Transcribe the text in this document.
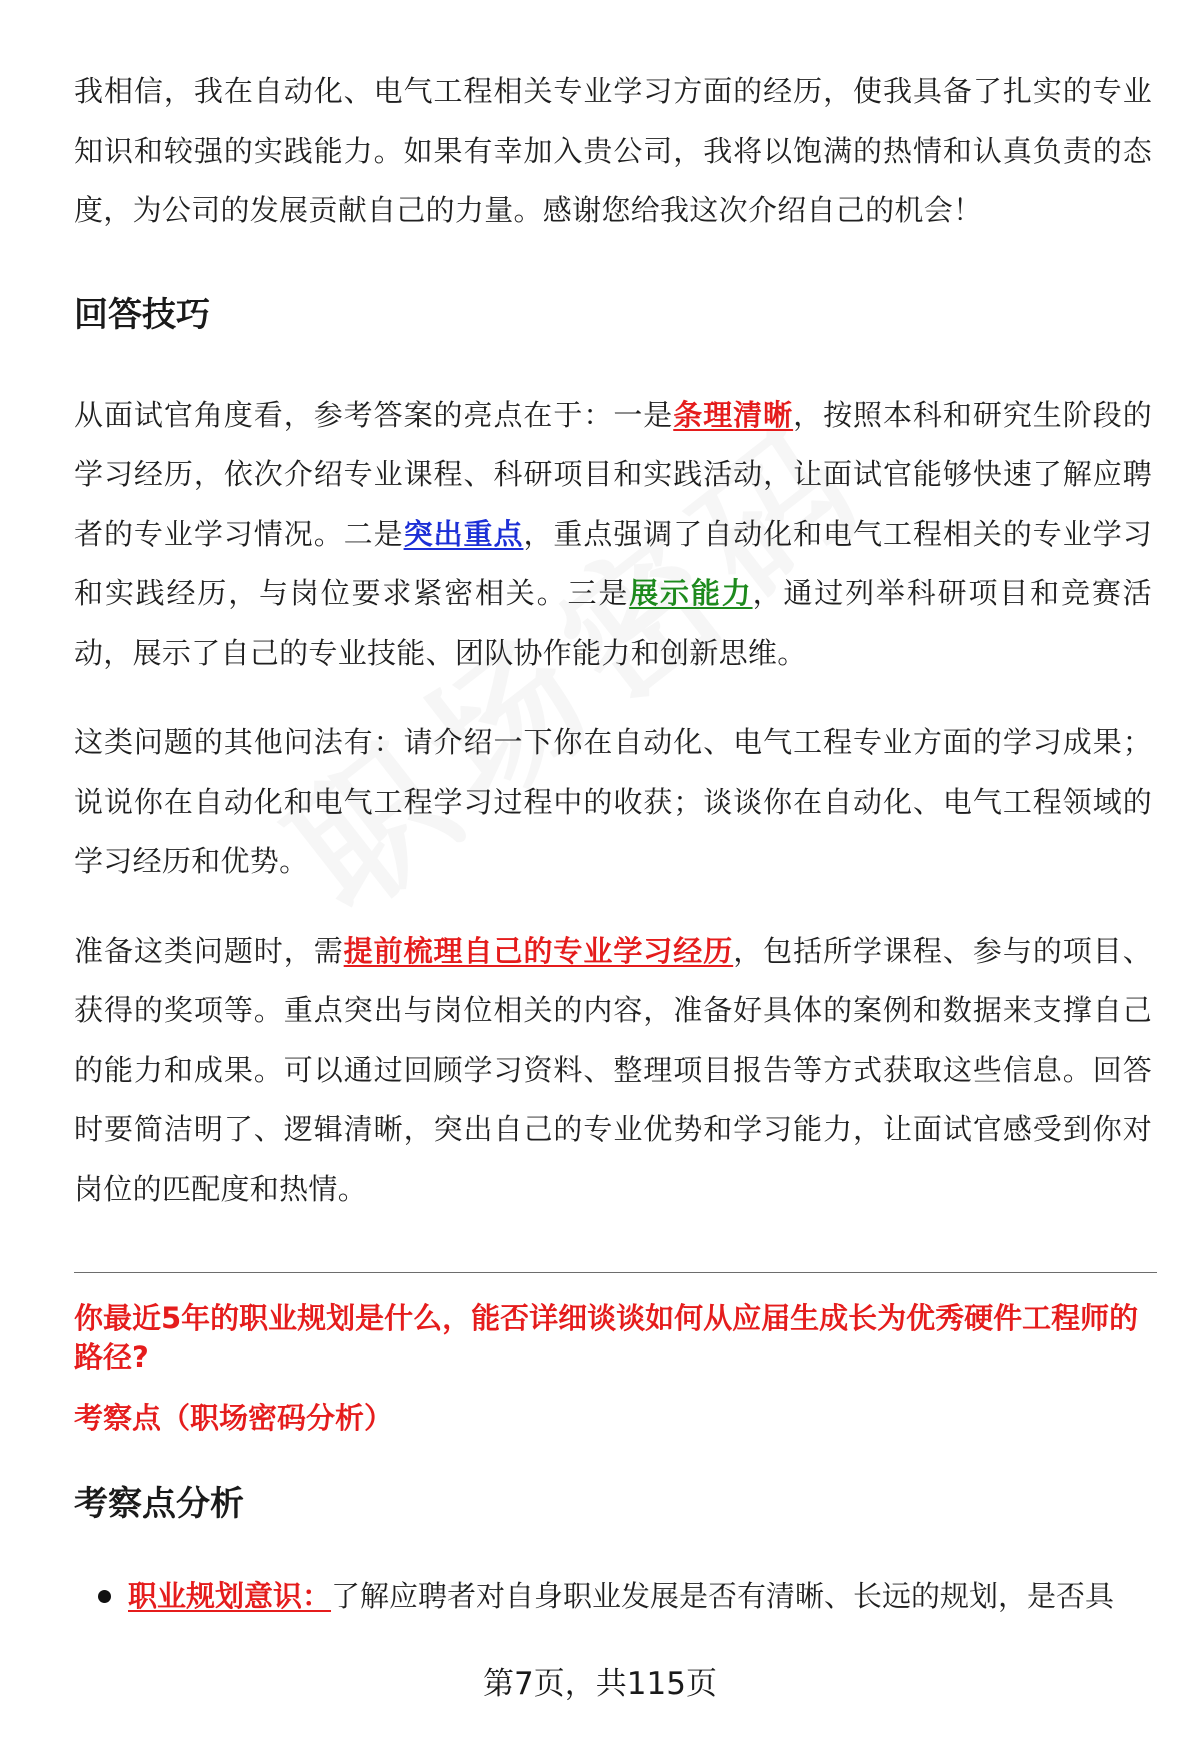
我相信，我在自动化、电气工程相关专业学习方面的经历，使我具备了扎实的专业知识和较强的实践能力。如果有幸加入贵公司，我将以饱满的热情和认真负责的态度，为公司的发展贡献自己的力量。感谢您给我这次介绍自己的机会！

回答技巧

从面试官角度看，参考答案的亮点在于：一是条理清晰，按照本科和研究生阶段的学习经历，依次介绍专业课程、科研项目和实践活动，让面试官能够快速了解应聘者的专业学习情况。二是突出重点，重点强调了自动化和电气工程相关的专业学习和实践经历，与岗位要求紧密相关。三是展示能力，通过列举科研项目和竞赛活动，展示了自己的专业技能、团队协作能力和创新思维。

这类问题的其他问法有：请介绍一下你在自动化、电气工程专业方面的学习成果；说说你在自动化和电气工程学习过程中的收获；谈谈你在自动化、电气工程领域的学习经历和优势。

准备这类问题时，需提前梳理自己的专业学习经历，包括所学课程、参与的项目、获得的奖项等。重点突出与岗位相关的内容，准备好具体的案例和数据来支撑自己的能力和成果。可以通过回顾学习资料、整理项目报告等方式获取这些信息。回答时要简洁明了、逻辑清晰，突出自己的专业优势和学习能力，让面试官感受到你对岗位的匹配度和热情。

你最近5年的职业规划是什么，能否详细谈谈如何从应届生成长为优秀硬件工程师的路径?

考察点（职场密码分析）

考察点分析
职业规划意识：了解应聘者对自身职业发展是否有清晰、长远的规划，是否具
第7页，共115页
